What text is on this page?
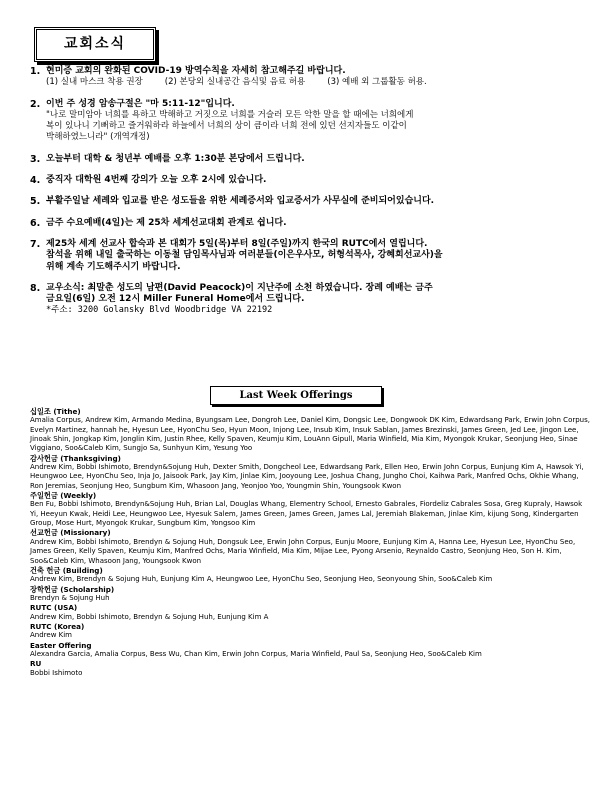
교회소식
1. 현미증 교회의 완화된 COVID-19 방역수칙을 자세히 참고해주길 바랍니다.
(1) 실내 마스크 착용 권장	(2) 본당외 실내공간 음식및 음료 허용	(3) 예배 외 그룹활동 허용.
2. 이번 주 성경 암송구절은 "마 5:11-12"입니다.
"나로 말미암아 너희를 욕하고 박해하고 거짓으로 너희를 거슬러 모든 악한 말을 할 때에는 너희에게
복이 있나니 기뻐하고 즐거워하라 하늘에서 너희의 상이 큼이라 너희 전에 있던 선지자들도 이같이
박해하였느니라" (개역개정)
3. 오늘부터 대학 & 청년부 예배를 오후 1:30분 본당에서 드립니다.
4. 중직자 대학원 4번째 강의가 오늘 오후 2시에 있습니다.
5. 부활주일날 세례와 입교를 받은 성도들을 위한 세례증서와 입교증서가 사무실에 준비되어있습니다.
6. 금주 수요예배(4일)는 제 25차 세계선교대회 관계로 쉽니다.
7. 제25차 세계 선교사 합숙과 본 대회가 5일(목)부터 8일(주일)까지 한국의 RUTC에서 열립니다.
참석을 위해 내일 출국하는 이동철 담임목사님과 여러분들(이은우사모, 허형석목사, 강혜희선교사)을
위해 계속 기도해주시기 바랍니다.
8. 교우소식: 최말춘 성도의 남편(David Peacock)이 지난주에 소천 하였습니다. 장례 예배는 금주
금요일(6일) 오전 12시 Miller Funeral Home에서 드립니다.
*주소: 3200 Golansky Blvd Woodbridge VA 22192
Last Week Offerings
십일조 (Tithe)
Amalia Corpus, Andrew Kim, Armando Medina, Byungsam Lee, Dongroh Lee, Daniel Kim, Dongsic Lee, Dongwook DK Kim, Edwardsang Park, Erwin John Corpus, Evelyn Martinez, hannah he, Hyesun Lee, HyonChu Seo, Hyun Moon, Injong Lee, Insub Kim, Insuk Sablan, James Brezinski, James Green, Jed Lee, Jingon Lee, Jinoak Shin, Jongkap Kim, Jonglin Kim, Justin Rhee, Kelly Spaven, Keumju Kim, LouAnn Gipull, Maria Winfield, Mia Kim, Myongok Krukar, Seonjung Heo, Sinae Viggiano, Soo&Caleb Kim, Sungjo Sa, Sunhyun Kim, Yesung Yoo
감사헌금 (Thanksgiving)
Andrew Kim, Bobbi Ishimoto, Brendyn&Sojung Huh, Dexter Smith, Dongcheol Lee, Edwardsang Park, Ellen Heo, Erwin John Corpus, Eunjung Kim A, Hawsok Yi, Heungwoo Lee, HyonChu Seo, Inja Jo, Jaisook Park, Jay Kim, Jinlae Kim, Jooyoung Lee, Joshua Chang, Jungho Choi, Kaihwa Park, Manfred Ochs, Okhie Whang, Ron Jeremias, Seonjung Heo, Sungbum Kim, Whasoon Jang, Yeonjoo Yoo, Youngmin Shin, Youngsook Kwon
주일헌금 (Weekly)
Ben Fu, Bobbi Ishimoto, Brendyn&Sojung Huh, Brian Lal, Douglas Whang, Elementry School, Ernesto Gabrales, Fiordeliz Cabrales Sosa, Greg Kupraly, Hawsok Yi, Heeyun Kwak, Heidi Lee, Heungwoo Lee, Hyesuk Salem, James Green, James Green, James Lal, Jeremiah Blakeman, Jinlae Kim, kijung Song, Kindergarten Group, Mose Hurt, Myongok Krukar, Sungbum Kim, Yongsoo Kim
선교헌금 (Missionary)
Andrew Kim, Bobbi Ishimoto, Brendyn & Sojung Huh, Dongsuk Lee, Erwin John Corpus, Eunju Moore, Eunjung Kim A, Hanna Lee, Hyesun Lee, HyonChu Seo, James Green, Kelly Spaven, Keumju Kim, Manfred Ochs, Maria Winfield, Mia Kim, Mijae Lee, Pyong Arsenio, Reynaldo Castro, Seonjung Heo, Son H. Kim, Soo&Caleb Kim, Whasoon Jang, Youngsook Kwon
건축 헌금 (Building)
Andrew Kim, Brendyn & Sojung Huh, Eunjung Kim A, Heungwoo Lee, HyonChu Seo, Seonjung Heo, Seonyoung Shin, Soo&Caleb Kim
장학헌금 (Scholarship)
Brendyn & Sojung Huh
RUTC (USA)
Andrew Kim, Bobbi Ishimoto, Brendyn & Sojung Huh, Eunjung Kim A
RUTC (Korea)
Andrew Kim
Easter Offering
Alexandra Garcia, Amalia Corpus, Bess Wu, Chan Kim, Erwin John Corpus, Maria Winfield, Paul Sa, Seonjung Heo, Soo&Caleb Kim
RU
Bobbi Ishimoto
